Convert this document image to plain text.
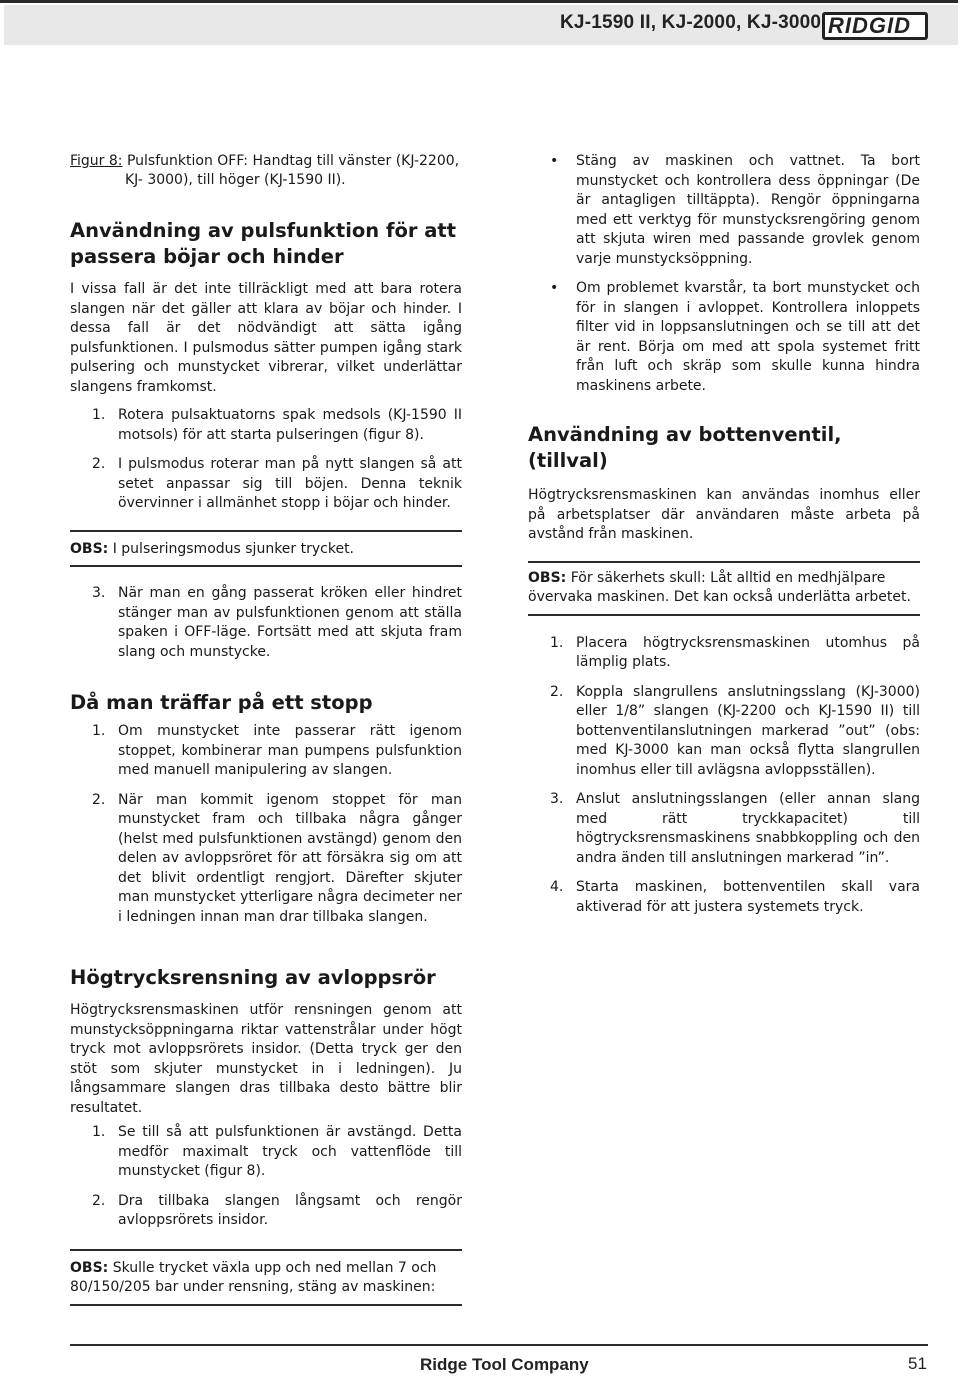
KJ-1590 II, KJ-2000, KJ-3000 RIDGID

Figur 8: Pulsfunktion OFF: Handtag till vänster (KJ-2200, KJ- 3000), till höger (KJ-1590 II).

Användning av pulsfunktion för att passera böjar och hinder

I vissa fall är det inte tillräckligt med att bara rotera slangen när det gäller att klara av böjar och hinder. I dessa fall är det nödvändigt att sätta igång pulsfunktionen. I pulsmodus sätter pumpen igång stark pulsering och munstycket vibrerar, vilket underlättar slangens framkomst.

1. Rotera pulsaktuatorns spak medsols (KJ-1590 II motsols) för att starta pulseringen (figur 8).
2. I pulsmodus roterar man på nytt slangen så att setet anpassar sig till böjen. Denna teknik övervinner i allmänhet stopp i böjar och hinder.

OBS: I pulseringsmodus sjunker trycket.

3. När man en gång passerat kröken eller hindret stänger man av pulsfunktionen genom att ställa spaken i OFF-läge. Fortsätt med att skjuta fram slang och munstycke.
Då man träffar på ett stopp
1. Om munstycket inte passerar rätt igenom stoppet, kombinerar man pumpens pulsfunktion med manuell manipulering av slangen.
2. När man kommit igenom stoppet för man munstycket fram och tillbaka några gånger (helst med pulsfunktionen avstängd) genom den delen av avloppsröret för att försäkra sig om att det blivit ordentligt rengjort. Därefter skjuter man munstycket ytterligare några decimeter ner i ledningen innan man drar tillbaka slangen.
Högtrycksrensning av avloppsrör

Högtrycksrensmaskinen utför rensningen genom att munstycksöppningarna riktar vattenstrålar under högt tryck mot avloppsrörets insidor. (Detta tryck ger den stöt som skjuter munstycket in i ledningen). Ju långsammare slangen dras tillbaka desto bättre blir resultatet.

1. Se till så att pulsfunktionen är avstängd. Detta medför maximalt tryck och vattenflöde till munstycket (figur 8).
2. Dra tillbaka slangen långsamt och rengör avloppsrörets insidor.

OBS: Skulle trycket växla upp och ned mellan 7 och 80/150/205 bar under rensning, stäng av maskinen:

• Stäng av maskinen och vattnet. Ta bort munstycket och kontrollera dess öppningar (De är antagligen tilltäppta). Rengör öppningarna med ett verktyg för munstycksrengöring genom att skjuta wiren med passande grovlek genom varje munstycksöppning.
• Om problemet kvarstår, ta bort munstycket och för in slangen i avloppet. Kontrollera inloppets filter vid in loppsanslutningen och se till att det är rent. Börja om med att spola systemet fritt från luft och skräp som skulle kunna hindra maskinens arbete.
Användning av bottenventil, (tillval)

Högtrycksrensmaskinen kan användas inomhus eller på arbetsplatser där användaren måste arbeta på avstånd från maskinen.

OBS: För säkerhets skull: Låt alltid en medhjälpare övervaka maskinen. Det kan också underlätta arbetet.

1. Placera högtrycksrensmaskinen utomhus på lämplig plats.
2. Koppla slangrullens anslutningsslang (KJ-3000) eller 1/8” slangen (KJ-2200 och KJ-1590 II) till bottenventilanslutningen markerad ”out” (obs: med KJ-3000 kan man också flytta slangrullen inomhus eller till avlägsna avloppsställen).
3. Anslut anslutningsslangen (eller annan slang med rätt tryckkapacitet) till högtrycksrensmaskinens snabbkoppling och den andra änden till anslutningen markerad ”in”.
4. Starta maskinen, bottenventilen skall vara aktiverad för att justera systemets tryck.
Ridge Tool Company	51
